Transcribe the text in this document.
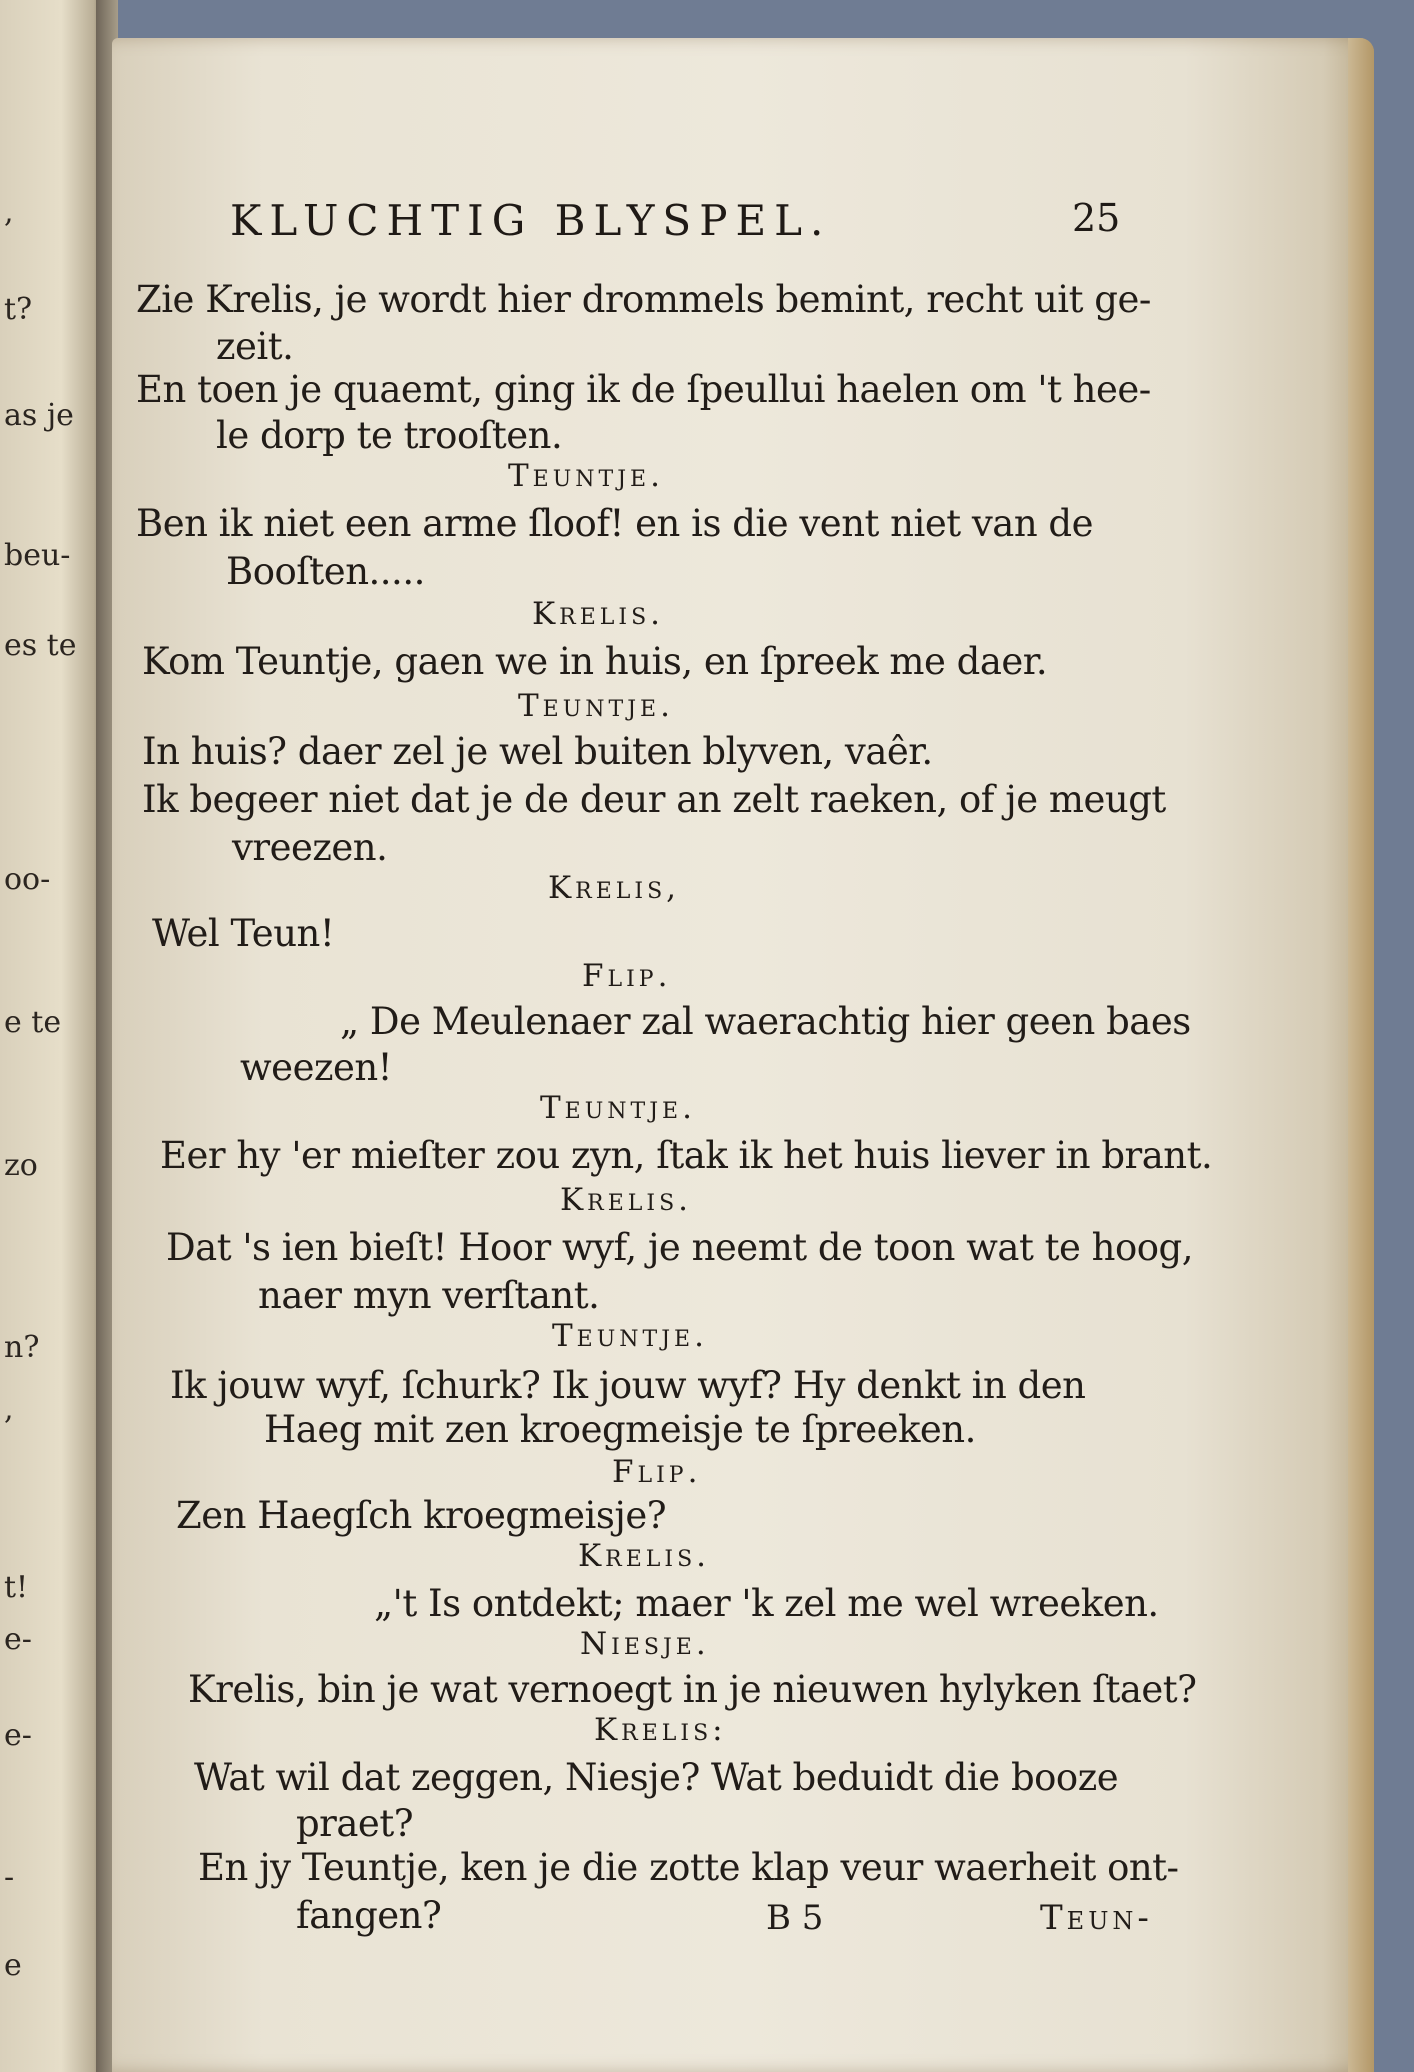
,
t?
as je
beu-
es te
oo-
e te
zo
n?
,
t!
e-
e-
-
e
KLUCHTIG BLYSPEL.	25
Zie Krelis, je wordt hier drommels bemint, recht uit ge-
zeit.
En toen je quaemt, ging ik de ſpeullui haelen om 't hee-
le dorp te trooſten.
Teuntje.
Ben ik niet een arme ſloof! en is die vent niet van de
Booſten.....
Krelis.
Kom Teuntje, gaen we in huis, en ſpreek me daer.
Teuntje.
In huis? daer zel je wel buiten blyven, vaêr.
Ik begeer niet dat je de deur an zelt raeken, of je meugt
vreezen.
Krelis,
Wel Teun!
Flip.
„ De Meulenaer zal waerachtig hier geen baes
weezen!
Teuntje.
Eer hy 'er mieſter zou zyn, ſtak ik het huis liever in brant.
Krelis.
Dat 's ien bieſt! Hoor wyf, je neemt de toon wat te hoog,
naer myn verſtant.
Teuntje.
Ik jouw wyf, ſchurk? Ik jouw wyf? Hy denkt in den
Haeg mit zen kroegmeisje te ſpreeken.
Flip.
Zen Haegſch kroegmeisje?
Krelis.
„'t Is ontdekt; maer 'k zel me wel wreeken.
Niesje.
Krelis, bin je wat vernoegt in je nieuwen hylyken ſtaet?
Krelis:
Wat wil dat zeggen, Niesje? Wat beduidt die booze
praet?
En jy Teuntje, ken je die zotte klap veur waerheit ont-
fangen?	B 5	Teun-
